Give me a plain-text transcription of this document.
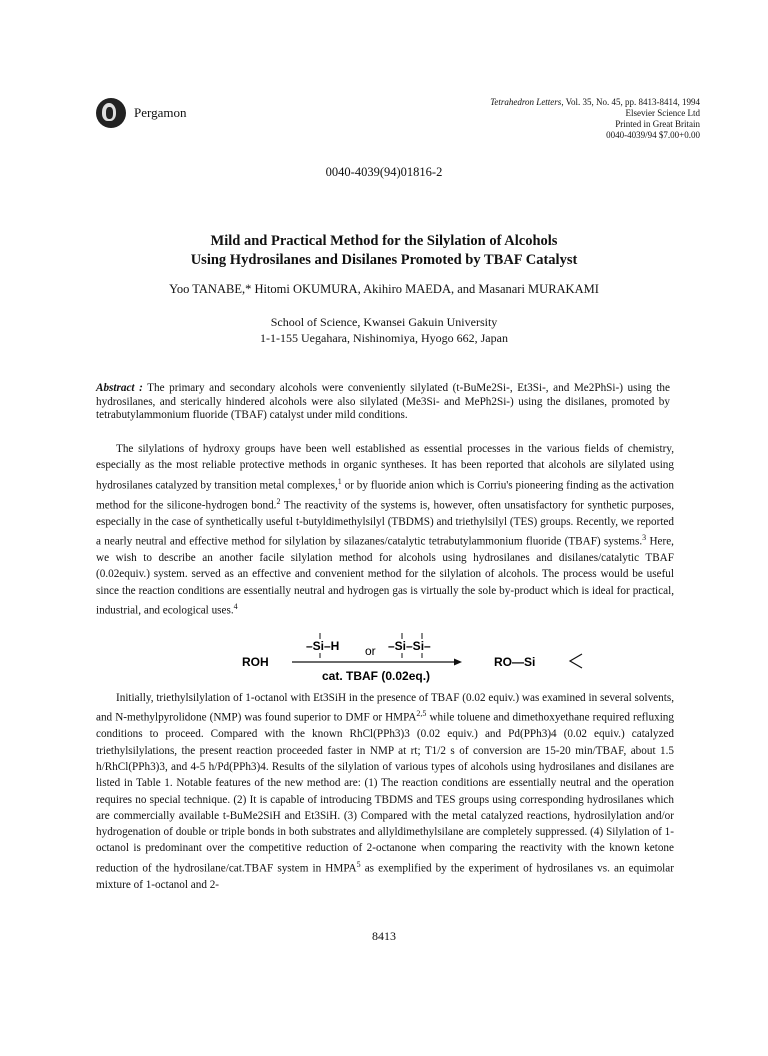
Pergamon
Tetrahedron Letters, Vol. 35, No. 45, pp. 8413-8414, 1994
Elsevier Science Ltd
Printed in Great Britain
0040-4039/94 $7.00+0.00
0040-4039(94)01816-2
Mild and Practical Method for the Silylation of Alcohols
Using Hydrosilanes and Disilanes Promoted by TBAF Catalyst
Yoo TANABE,* Hitomi OKUMURA, Akihiro MAEDA, and Masanari MURAKAMI
School of Science, Kwansei Gakuin University
1-1-155 Uegahara, Nishinomiya, Hyogo 662, Japan
Abstract : The primary and secondary alcohols were conveniently silylated (t-BuMe2Si-, Et3Si-, and Me2PhSi-) using the hydrosilanes, and sterically hindered alcohols were also silylated (Me3Si- and MePh2Si-) using the disilanes, promoted by tetrabutylammonium fluoride (TBAF) catalyst under mild conditions.
The silylations of hydroxy groups have been well established as essential processes in the various fields of chemistry, especially as the most reliable protective methods in organic syntheses. It has been reported that alcohols are silylated using hydrosilanes catalyzed by transition metal complexes,$^1$ or by fluoride anion which is Corriu's pioneering finding as the activation method for the silicone-hydrogen bond.$^2$ The reactivity of the systems is, however, often unsatisfactory for synthetic purposes, especially in the case of synthetically useful t-butyldimethylsilyl (TBDMS) and triethylsilyl (TES) groups. Recently, we reported a nearly neutral and effective method for silylation by silazanes/catalytic tetrabutylammonium fluoride (TBAF) systems.$^3$ Here, we wish to describe an another facile silylation method for alcohols using hydrosilanes and disilanes/catalytic TBAF (0.02equiv.) system. served as an effective and convenient method for the silylation of alcohols. The process would be useful since the reaction conditions are essentially neutral and hydrogen gas is virtually the sole by-product which is ideal for practical, industrial, and ecological uses.$^4$
ROH
–Si–H or –Si–Si–
cat. TBAF (0.02eq.)
RO—Si
Initially, triethylsilylation of 1-octanol with Et3SiH in the presence of TBAF (0.02 equiv.) was examined in several solvents, and N-methylpyrolidone (NMP) was found superior to DMF or HMPA$^{2,5}$ while toluene and dimethoxyethane required refluxing conditions to proceed. Compared with the known RhCl(PPh3)3 (0.02 equiv.) and Pd(PPh3)4 (0.02 equiv.) catalyzed triethylsilylations, the present reaction proceeded faster in NMP at rt; T1/2 s of conversion are 15-20 min/TBAF, about 1.5 h/RhCl(PPh3)3, and 4-5 h/Pd(PPh3)4. Results of the silylation of various types of alcohols using hydrosilanes and disilanes are listed in Table 1. Notable features of the new method are: (1) The reaction conditions are essentially neutral and the operation requires no special technique. (2) It is capable of introducing TBDMS and TES groups using corresponding hydrosilanes which are commercially available t-BuMe2SiH and Et3SiH. (3) Compared with the metal catalyzed reactions, hydrosilylation and/or hydrogenation of double or triple bonds in both substrates and allyldimethylsilane are completely suppressed. (4) Silylation of 1-octanol is predominant over the competitive reduction of 2-octanone when comparing the reactivity with the known ketone reduction of the hydrosilane/cat.TBAF system in HMPA$^5$ as exemplified by the experiment of hydrosilanes vs. an equimolar mixture of 1-octanol and 2-
8413
